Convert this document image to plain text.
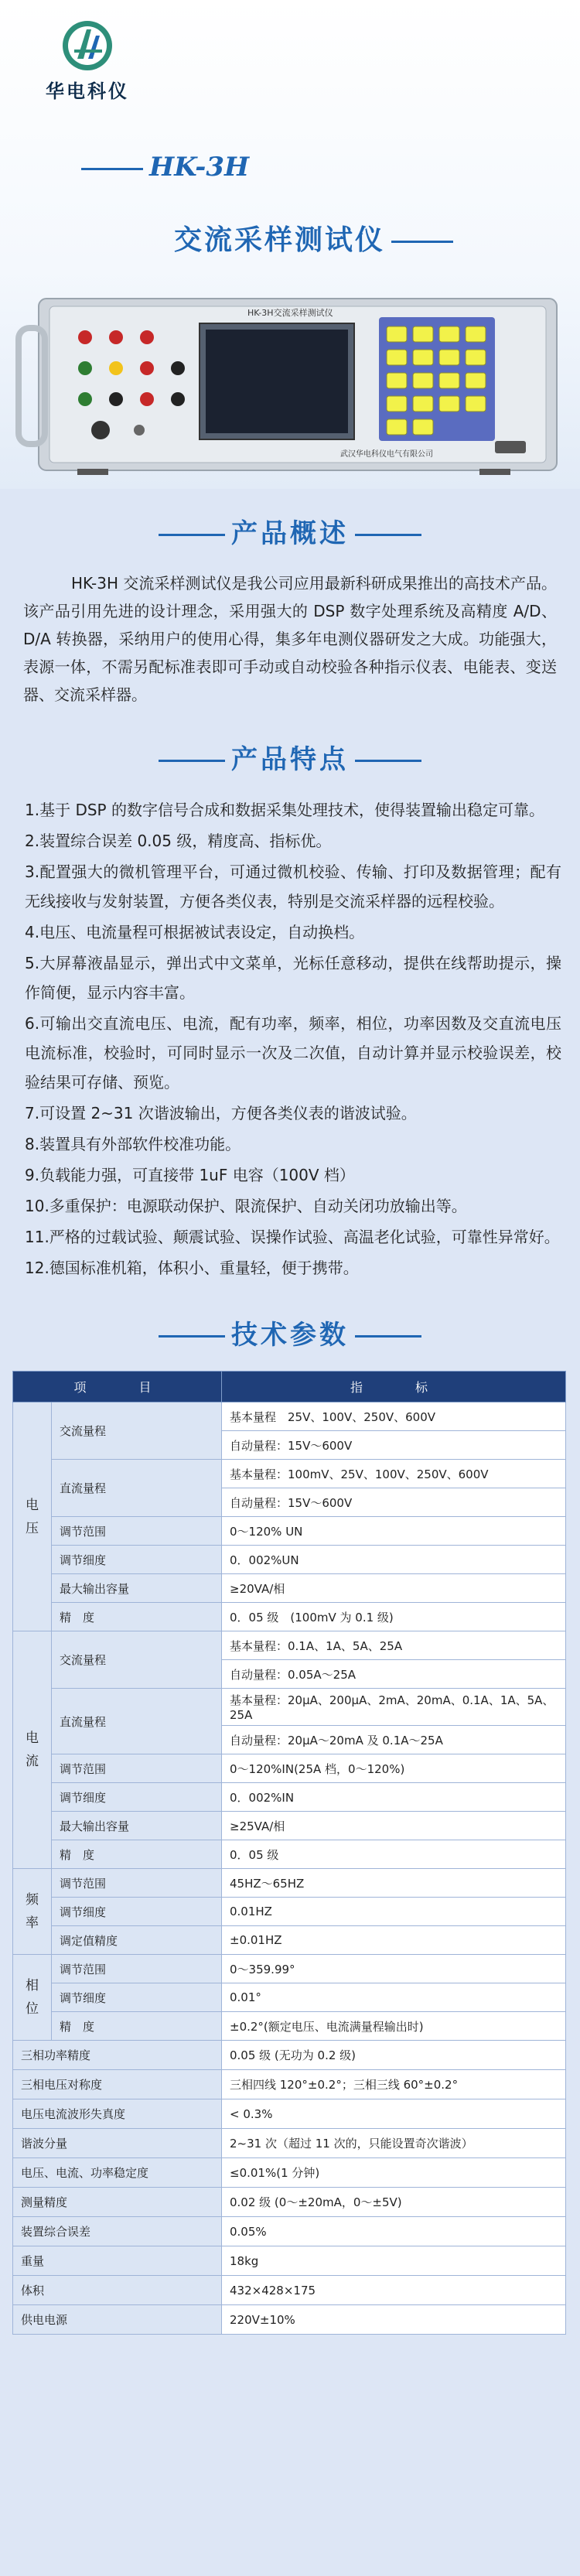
华电科仪
HK-3H
交流采样测试仪
HK-3H交流采样测试仪
武汉华电科仪电气有限公司
产品概述

HK-3H 交流采样测试仪是我公司应用最新科研成果推出的高技术产品。该产品引用先进的设计理念，采用强大的 DSP 数字处理系统及高精度 A/D、D/A 转换器，采纳用户的使用心得，集多年电测仪器研发之大成。功能强大，表源一体，不需另配标准表即可手动或自动校验各种指示仪表、电能表、变送器、交流采样器。

产品特点

1.基于 DSP 的数字信号合成和数据采集处理技术，使得装置输出稳定可靠。

2.装置综合误差 0.05 级，精度高、指标优。

3.配置强大的微机管理平台，可通过微机校验、传输、打印及数据管理；配有无线接收与发射装置，方便各类仪表，特别是交流采样器的远程校验。

4.电压、电流量程可根据被试表设定，自动换档。

5.大屏幕液晶显示，弹出式中文菜单，光标任意移动，提供在线帮助提示，操作简便，显示内容丰富。

6.可输出交直流电压、电流，配有功率，频率，相位，功率因数及交直流电压电流标准，校验时，可同时显示一次及二次值，自动计算并显示校验误差，校验结果可存储、预览。

7.可设置 2~31 次谐波输出，方便各类仪表的谐波试验。

8.装置具有外部软件校准功能。

9.负载能力强，可直接带 1uF 电容（100V 档）

10.多重保护：电源联动保护、限流保护、自动关闭功放输出等。

11.严格的过载试验、颠震试验、误操作试验、高温老化试验，可靠性异常好。

12.德国标准机箱，体积小、重量轻，便于携带。

技术参数
项　　目		指　　标
电压	交流量程	基本量程　25V、100V、250V、600V
		自动量程：15V～600V
	直流量程	基本量程：100mV、25V、100V、250V、600V
		自动量程：15V～600V
	调节范围	0～120% UN
	调节细度	0．002%UN
	最大输出容量	≥20VA/相
	精　度	0．05 级　(100mV 为 0.1 级)
电流	交流量程	基本量程：0.1A、1A、5A、25A
		自动量程：0.05A～25A
	直流量程	基本量程：20μA、200μA、2mA、20mA、0.1A、1A、5A、25A
		自动量程：20μA～20mA 及 0.1A～25A
	调节范围	0～120%IN(25A 档，0～120%)
	调节细度	0．002%IN
	最大输出容量	≥25VA/相
	精　度	0．05 级
频率	调节范围	45HZ～65HZ
	调节细度	0.01HZ
	调定值精度	±0.01HZ
相位	调节范围	0～359.99°
	调节细度	0.01°
	精　度	±0.2°(额定电压、电流满量程输出时)
三相功率精度		0.05 级 (无功为 0.2 级)
三相电压对称度		三相四线 120°±0.2°；三相三线 60°±0.2°
电压电流波形失真度		< 0.3%
谐波分量		2~31 次（超过 11 次的，只能设置奇次谐波）
电压、电流、功率稳定度		≤0.01%(1 分钟)
测量精度		0.02 级 (0～±20mA，0～±5V)
装置综合误差		0.05%
重量		18kg
体积		432×428×175
供电电源		220V±10%
